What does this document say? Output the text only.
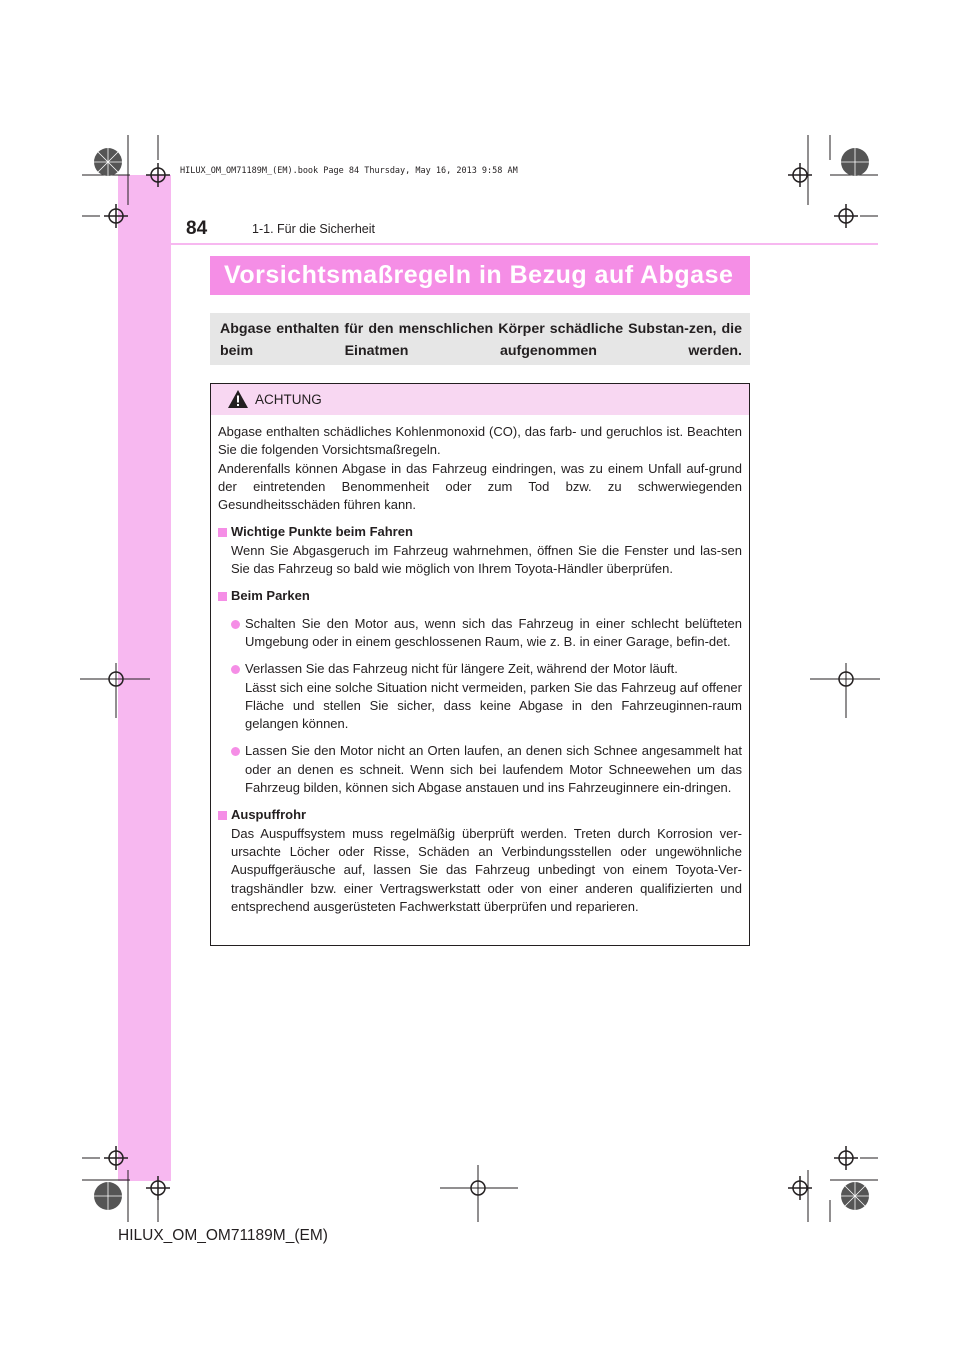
HILUX_OM_OM71189M_(EM).book Page 84 Thursday, May 16, 2013 9:58 AM
84	1-1. Für die Sicherheit
Vorsichtsmaßregeln in Bezug auf Abgase
Abgase enthalten für den menschlichen Körper schädliche Substan-zen, die beim Einatmen aufgenommen werden.
ACHTUNG

Abgase enthalten schädliches Kohlenmonoxid (CO), das farb- und geruchlos ist. Beachten Sie die folgenden Vorsichtsmaßregeln.

Anderenfalls können Abgase in das Fahrzeug eindringen, was zu einem Unfall auf-grund der eintretenden Benommenheit oder zum Tod bzw. zu schwerwiegenden Gesundheitsschäden führen kann.

Wichtige Punkte beim Fahren

Wenn Sie Abgasgeruch im Fahrzeug wahrnehmen, öffnen Sie die Fenster und las-sen Sie das Fahrzeug so bald wie möglich von Ihrem Toyota-Händler überprüfen.

Beim Parken
Schalten Sie den Motor aus, wenn sich das Fahrzeug in einer schlecht belüfteten Umgebung oder in einem geschlossenen Raum, wie z. B. in einer Garage, befin-det.
Verlassen Sie das Fahrzeug nicht für längere Zeit, während der Motor läuft.
Lässt sich eine solche Situation nicht vermeiden, parken Sie das Fahrzeug auf offener Fläche und stellen Sie sicher, dass keine Abgase in den Fahrzeuginnen-raum gelangen können.
Lassen Sie den Motor nicht an Orten laufen, an denen sich Schnee angesammelt hat oder an denen es schneit. Wenn sich bei laufendem Motor Schneewehen um das Fahrzeug bilden, können sich Abgase anstauen und ins Fahrzeuginnere ein-dringen.
Auspuffrohr

Das Auspuffsystem muss regelmäßig überprüft werden. Treten durch Korrosion ver-ursachte Löcher oder Risse, Schäden an Verbindungsstellen oder ungewöhnliche Auspuffgeräusche auf, lassen Sie das Fahrzeug unbedingt von einem Toyota-Ver-tragshändler bzw. einer Vertragswerkstatt oder von einer anderen qualifizierten und entsprechend ausgerüsteten Fachwerkstatt überprüfen und reparieren.

HILUX_OM_OM71189M_(EM)
